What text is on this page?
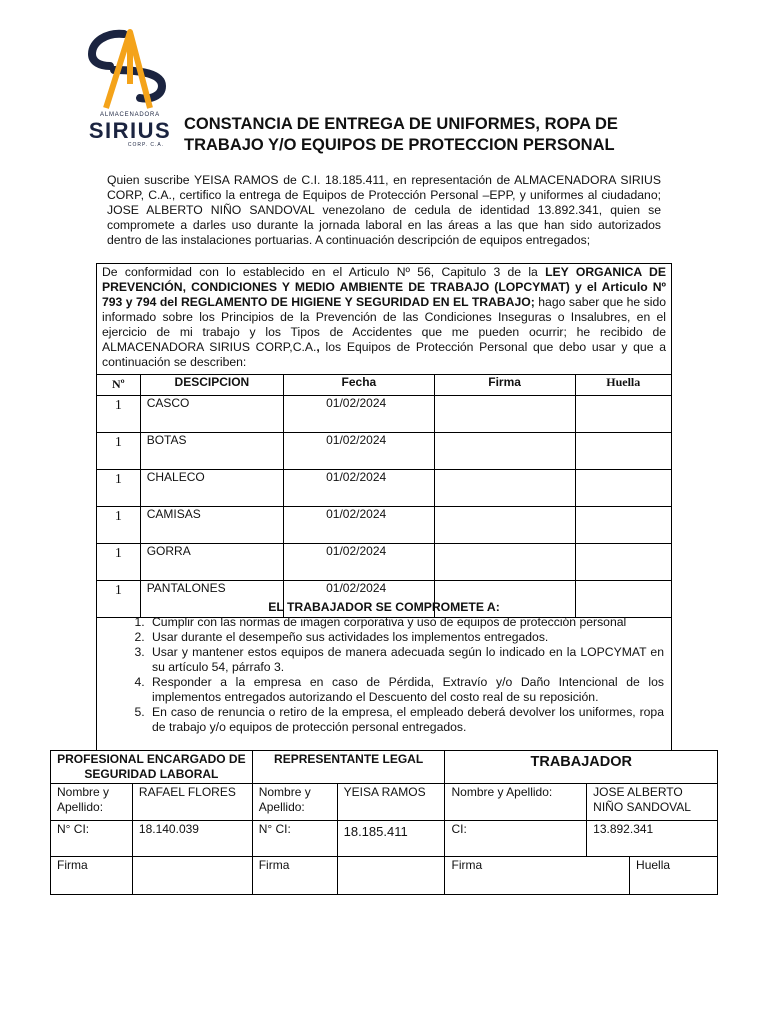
ALMACENADORA
SIRIUS
CORP. C.A.
CONSTANCIA DE ENTREGA DE UNIFORMES, ROPA DE TRABAJO Y/O EQUIPOS DE PROTECCION PERSONAL
Quien suscribe YEISA RAMOS de C.I. 18.185.411, en representación de ALMACENADORA SIRIUS CORP, C.A., certifico la entrega de Equipos de Protección Personal –EPP, y uniformes al ciudadano; JOSE ALBERTO NIÑO SANDOVAL venezolano de cedula de identidad 13.892.341, quien se compromete a darles uso durante la jornada laboral en las áreas a las que han sido autorizados dentro de las instalaciones portuarias. A continuación descripción de equipos entregados;
De conformidad con lo establecido en el Articulo Nº 56, Capitulo 3 de la LEY ORGANICA DE PREVENCIÓN, CONDICIONES Y MEDIO AMBIENTE DE TRABAJO (LOPCYMAT) y el Articulo Nº 793 y 794 del REGLAMENTO DE HIGIENE Y SEGURIDAD EN EL TRABAJO; hago saber que he sido informado sobre los Principios de la Prevención de las Condiciones Inseguras o Insalubres, en el ejercicio de mi trabajo y los Tipos de Accidentes que me pueden ocurrir; he recibido de ALMACENADORA SIRIUS CORP,C.A., los Equipos de Protección Personal que debo usar y que a continuación se describen:
Nº	DESCIPCION	Fecha	Firma	Huella
1	CASCO	01/02/2024		

1	BOTAS	01/02/2024		

1	CHALECO	01/02/2024		

1	CAMISAS	01/02/2024		

1	GORRA	01/02/2024		

1	PANTALONES	01/02/2024		

EL TRABAJADOR SE COMPROMETE A:
1. Cumplir con las normas de imagen corporativa y uso de equipos de protección personal
2. Usar durante el desempeño sus actividades los implementos entregados.
3. Usar y mantener estos equipos de manera adecuada según lo indicado en la LOPCYMAT en su artículo 54, párrafo 3.
4. Responder a la empresa en caso de Pérdida, Extravío y/o Daño Intencional de los implementos entregados autorizando el Descuento del costo real de su reposición.
5. En caso de renuncia o retiro de la empresa, el empleado deberá devolver los uniformes, ropa de trabajo y/o equipos de protección personal entregados.
PROFESIONAL ENCARGADO DE SEGURIDAD LABORAL		REPRESENTANTE LEGAL		TRABAJADOR		
Nombre y Apellido:	RAFAEL FLORES	Nombre y Apellido:	YEISA RAMOS	Nombre y Apellido:	JOSE ALBERTO NIÑO SANDOVAL	
N° CI:	18.140.039	N° CI:	18.185.411	CI:	13.892.341	
Firma		Firma		Firma		Huella
